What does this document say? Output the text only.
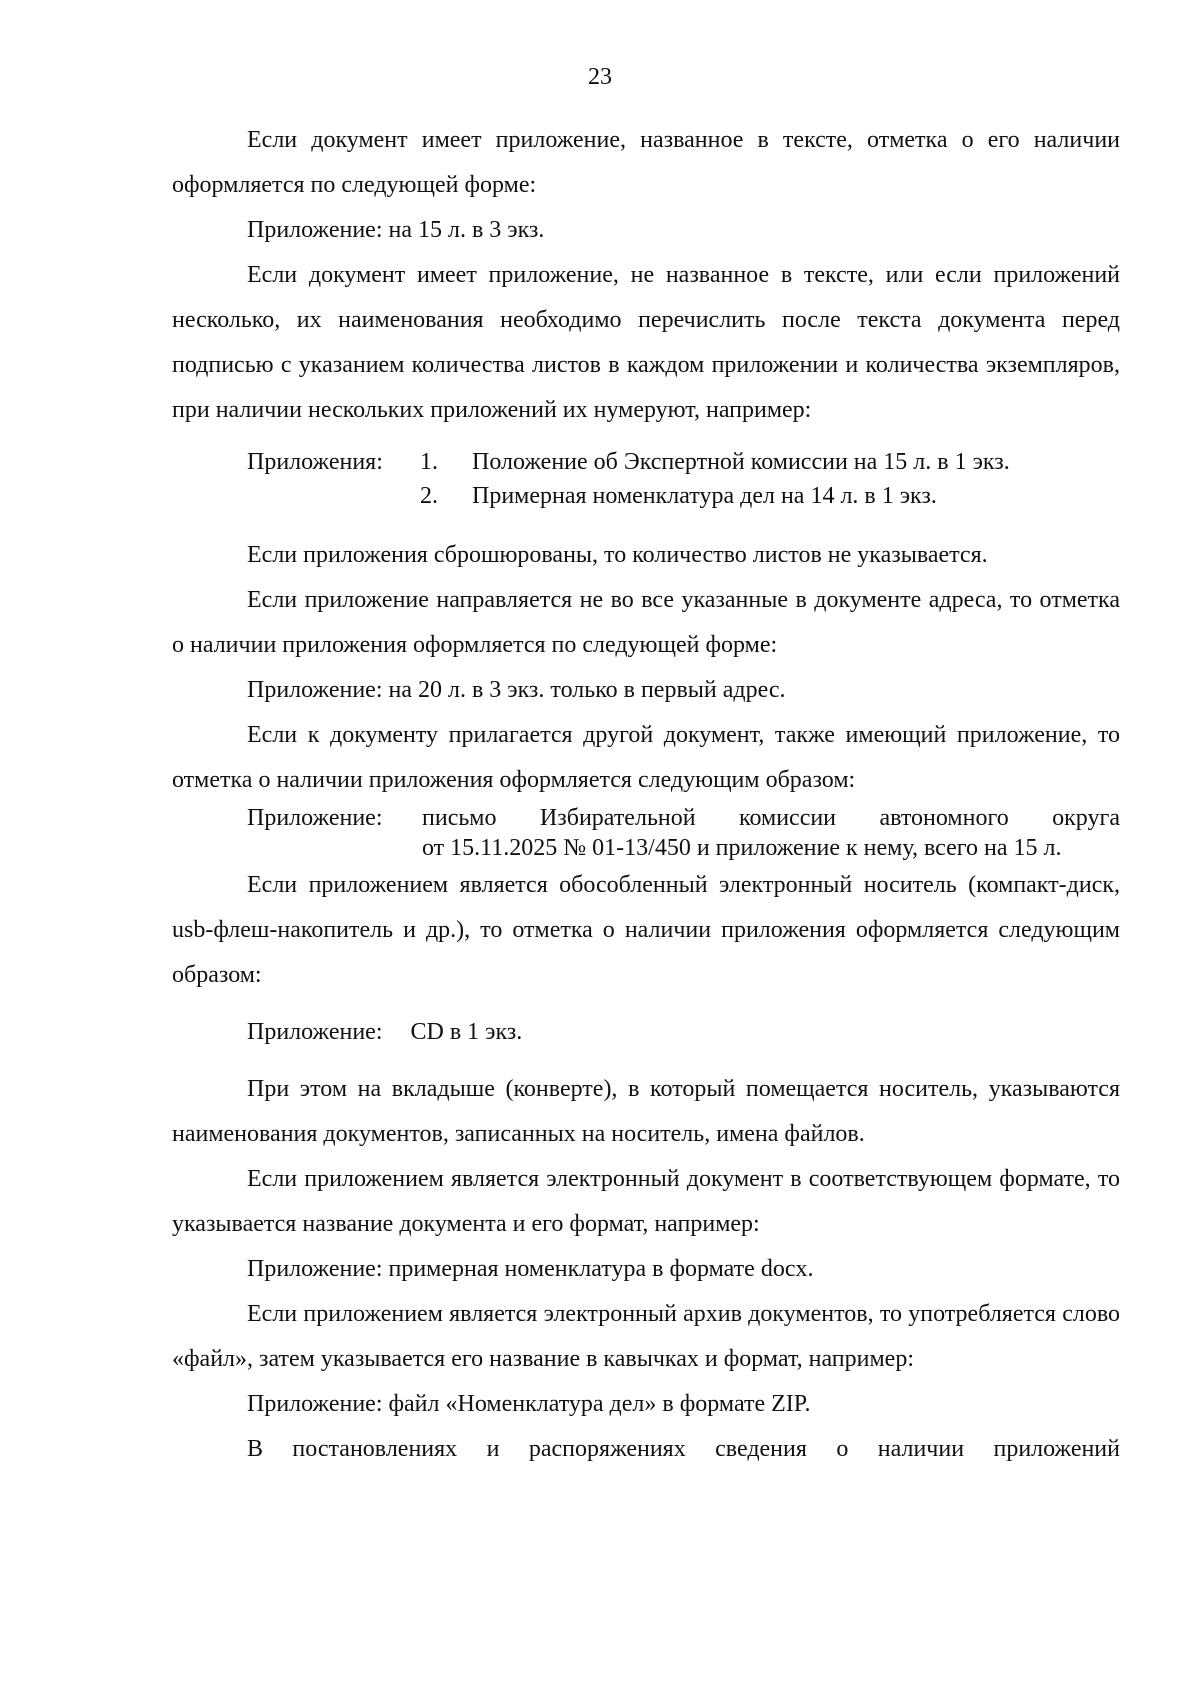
23

Если документ имеет приложение, названное в тексте, отметка о его наличии оформляется по следующей форме:

Приложение: на 15 л. в 3 экз.

Если документ имеет приложение, не названное в тексте, или если приложений несколько, их наименования необходимо перечислить после текста документа перед подписью с указанием количества листов в каждом приложении и количества экземпляров, при наличии нескольких приложений их нумеруют, например:

Приложения:	1.	Положение об Экспертной комиссии на 15 л. в 1 экз.
2.	Примерная номенклатура дел на 14 л. в 1 экз.

Если приложения сброшюрованы, то количество листов не указывается.

Если приложение направляется не во все указанные в документе адреса, то отметка о наличии приложения оформляется по следующей форме:

Приложение: на 20 л. в 3 экз. только в первый адрес.

Если к документу прилагается другой документ, также имеющий приложение, то отметка о наличии приложения оформляется следующим образом:

Приложение:	письмо Избирательной комиссии автономного округа
от 15.11.2025 № 01-13/450 и приложение к нему, всего на 15 л.

Если приложением является обособленный электронный носитель (компакт-диск, usb-флеш-накопитель и др.), то отметка о наличии приложения оформляется следующим образом:

Приложение: CD в 1 экз.

При этом на вкладыше (конверте), в который помещается носитель, указываются наименования документов, записанных на носитель, имена файлов.

Если приложением является электронный документ в соответствующем формате, то указывается название документа и его формат, например:

Приложение: примерная номенклатура в формате docx.

Если приложением является электронный архив документов, то употребляется слово «файл», затем указывается его название в кавычках и формат, например:

Приложение: файл «Номенклатура дел» в формате ZIP.

В постановлениях и распоряжениях сведения о наличии приложений
